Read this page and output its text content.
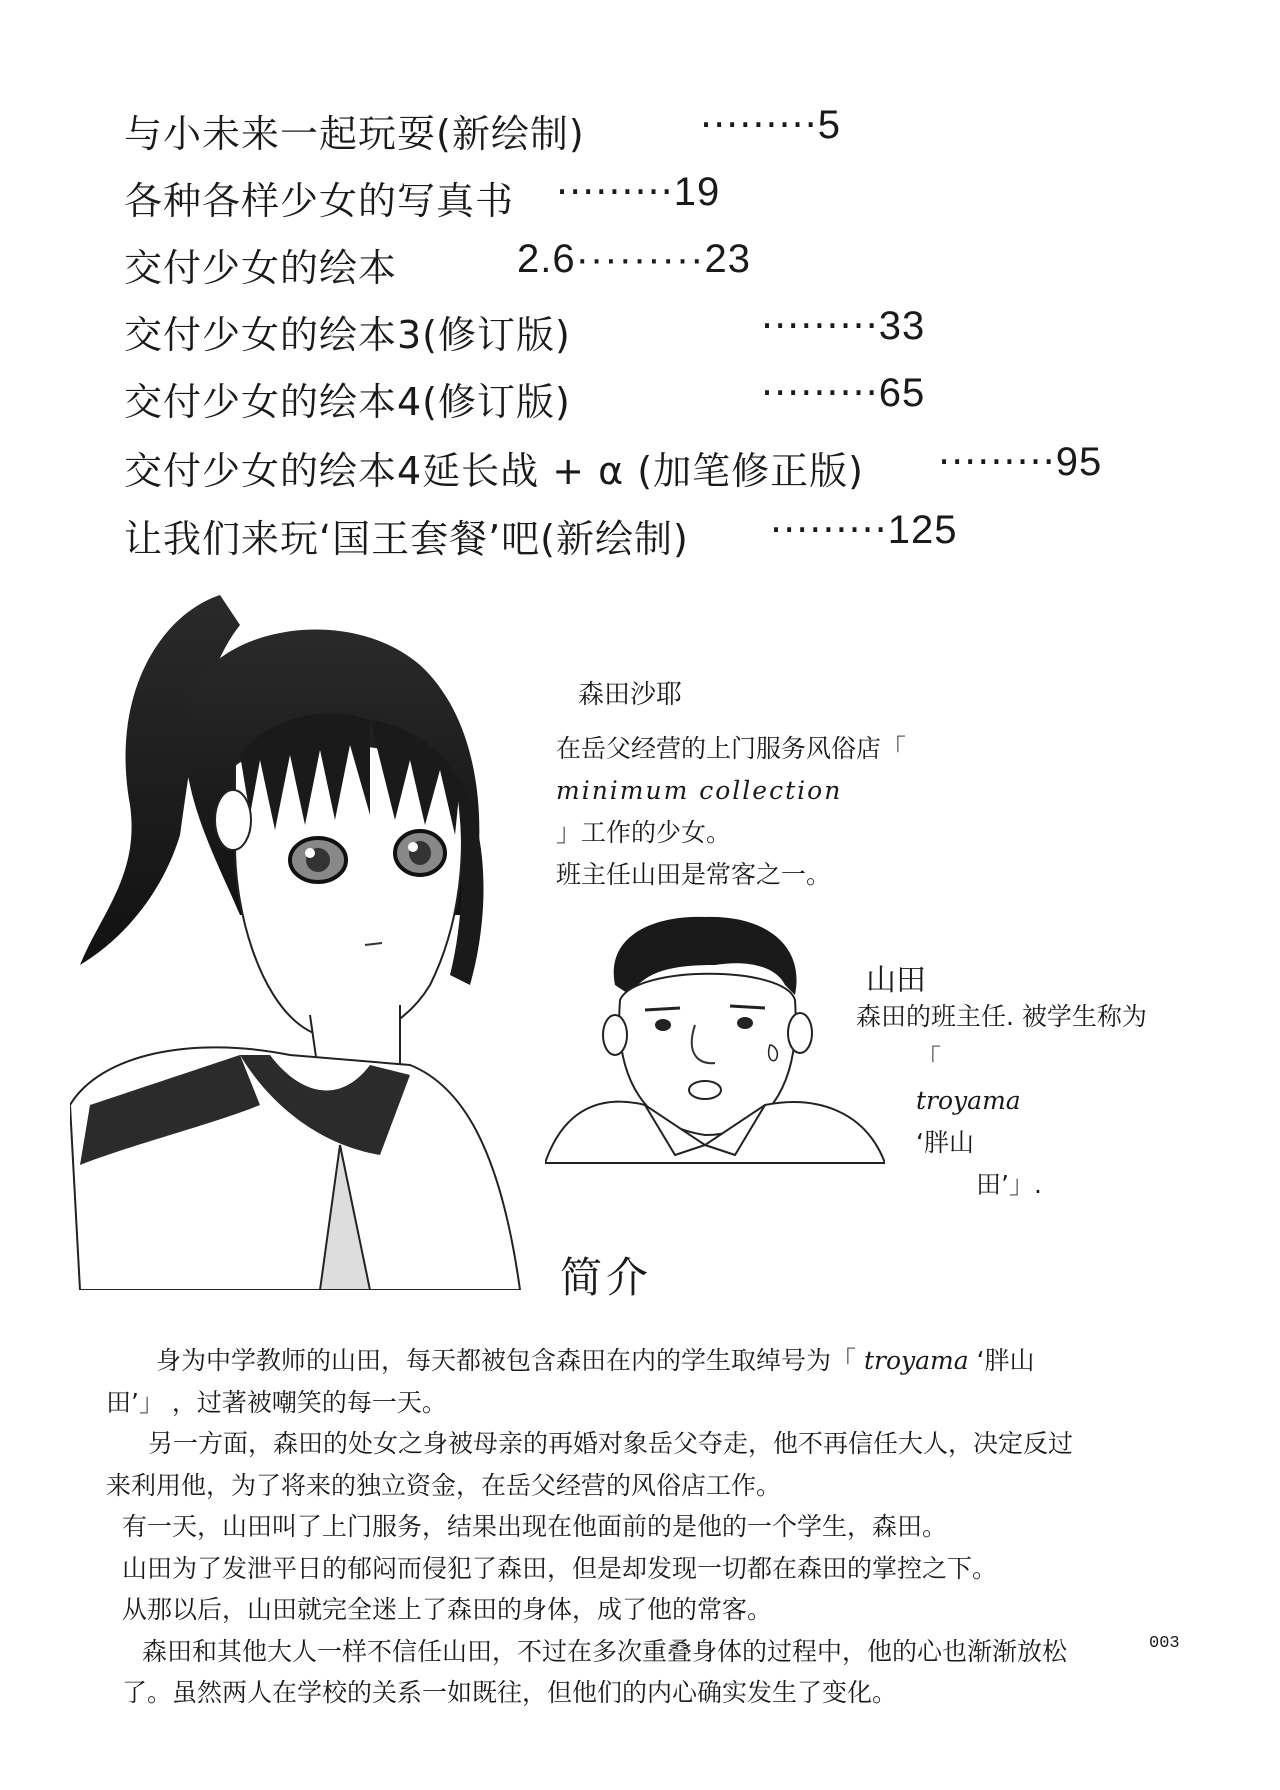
与小未来一起玩耍(新绘制)	·········5
各种各样少女的写真书 ·········19
交付少女的绘本	2.6·········23
交付少女的绘本3(修订版)	·········33
交付少女的绘本4(修订版)	·········65
交付少女的绘本4延长战 + α (加笔修正版) ·········95
让我们来玩‘国王套餐’吧(新绘制) ·········125
森田沙耶
在岳父经营的上门服务风俗店「
minimum collection
」工作的少女。
班主任山田是常客之一。
山田
森田的班主任. 被学生称为
「
troyama
‘胖山
田’」.
简介

身为中学教师的山田，每天都被包含森田在内的学生取绰号为「 troyama ‘胖山

田’」 ，过著被嘲笑的每一天。

另一方面，森田的处女之身被母亲的再婚对象岳父夺走，他不再信任大人，决定反过

来利用他，为了将来的独立资金，在岳父经营的风俗店工作。

有一天，山田叫了上门服务，结果出现在他面前的是他的一个学生，森田。

山田为了发泄平日的郁闷而侵犯了森田，但是却发现一切都在森田的掌控之下。

从那以后，山田就完全迷上了森田的身体，成了他的常客。

森田和其他大人一样不信任山田，不过在多次重叠身体的过程中，他的心也渐渐放松

了。虽然两人在学校的关系一如既往，但他们的内心确实发生了变化。

003
